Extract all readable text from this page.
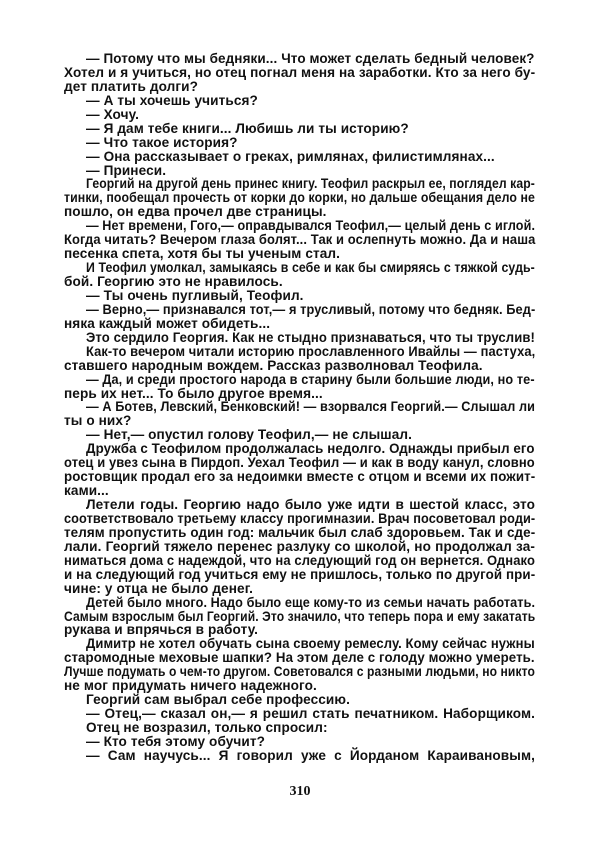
— Потому что мы бедняки... Что может сделать бедный человек?
Хотел и я учиться, но отец погнал меня на заработки. Кто за него бу-
дет платить долги?
— А ты хочешь учиться?
— Хочу.
— Я дам тебе книги... Любишь ли ты историю?
— Что такое история?
— Она рассказывает о греках, римлянах, филистимлянах...
— Принеси.
Георгий на другой день принес книгу. Теофил раскрыл ее, поглядел кар-
тинки, пообещал прочесть от корки до корки, но дальше обещания дело не
пошло, он едва прочел две страницы.
— Нет времени, Гого,— оправдывался Теофил,— целый день с иглой.
Когда читать? Вечером глаза болят... Так и ослепнуть можно. Да и наша
песенка спета, хотя бы ты ученым стал.
И Теофил умолкал, замыкаясь в себе и как бы смиряясь с тяжкой судь-
бой. Георгию это не нравилось.
— Ты очень пугливый, Теофил.
— Верно,— признавался тот,— я трусливый, потому что бедняк. Бед-
няка каждый может обидеть...
Это сердило Георгия. Как не стыдно признаваться, что ты труслив!
Как-то вечером читали историю прославленного Ивайлы — пастуха,
ставшего народным вождем. Рассказ разволновал Теофила.
— Да, и среди простого народа в старину были большие люди, но те-
перь их нет... То было другое время...
— А Ботев, Левский, Бенковский! — взорвался Георгий.— Слышал ли
ты о них?
— Нет,— опустил голову Теофил,— не слышал.
Дружба с Теофилом продолжалась недолго. Однажды прибыл его
отец и увез сына в Пирдоп. Уехал Теофил — и как в воду канул, словно
ростовщик продал его за недоимки вместе с отцом и всеми их пожит-
ками...
Летели годы. Георгию надо было уже идти в шестой класс, это
соответствовало третьему классу прогимназии. Врач посоветовал роди-
телям пропустить один год: мальчик был слаб здоровьем. Так и сде-
лали. Георгий тяжело перенес разлуку со школой, но продолжал за-
ниматься дома с надеждой, что на следующий год он вернется. Однако
и на следующий год учиться ему не пришлось, только по другой при-
чине: у отца не было денег.
Детей было много. Надо было еще кому-то из семьи начать работать.
Самым взрослым был Георгий. Это значило, что теперь пора и ему закатать
рукава и впрячься в работу.
Димитр не хотел обучать сына своему ремеслу. Кому сейчас нужны
старомодные меховые шапки? На этом деле с голоду можно умереть.
Лучше подумать о чем-то другом. Советовался с разными людьми, но никто
не мог придумать ничего надежного.
Георгий сам выбрал себе профессию.
— Отец,— сказал он,— я решил стать печатником. Наборщиком.
Отец не возразил, только спросил:
— Кто тебя этому обучит?
— Сам научусь... Я говорил уже с Йорданом Караивановым,
310
